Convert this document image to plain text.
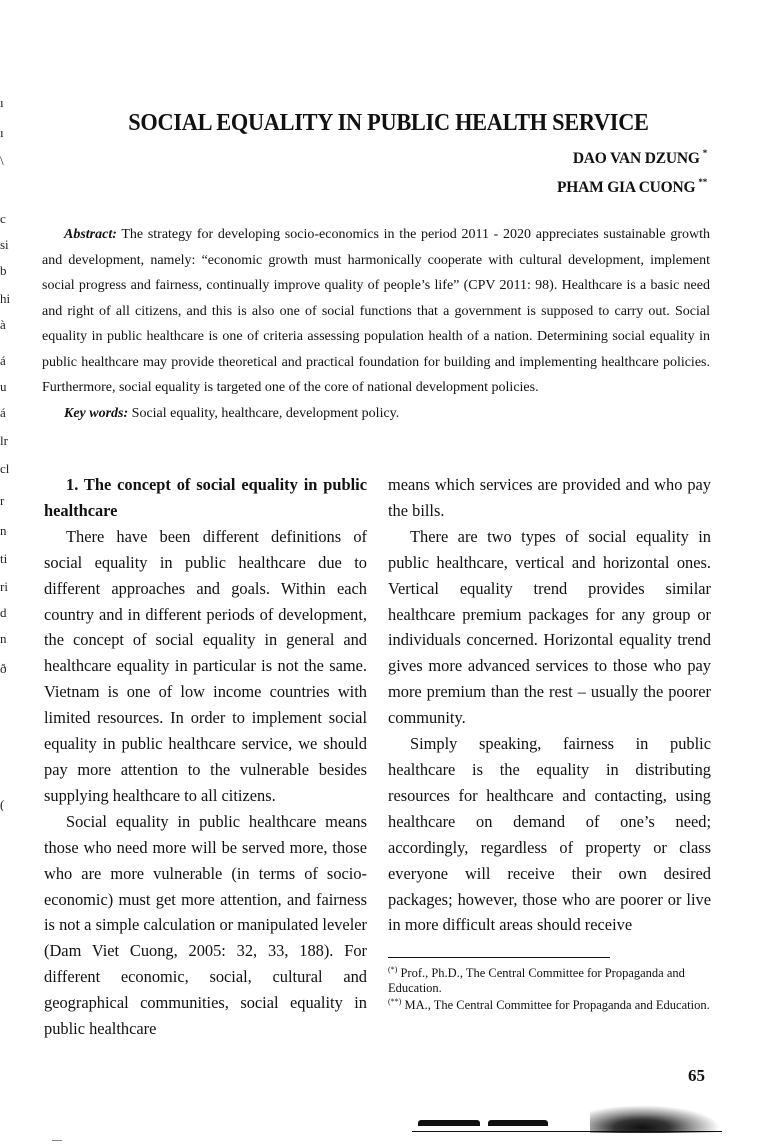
ı
ı
\
c
si
b
hi
à
á
u
á
lr
cl
r
n
ti
ri
d
n
ð
(
SOCIAL EQUALITY IN PUBLIC HEALTH SERVICE
DAO VAN DZUNG *
PHAM GIA CUONG **

Abstract: The strategy for developing socio-economics in the period 2011 - 2020 appreciates sustainable growth and development, namely: “economic growth must harmonically cooperate with cultural development, implement social progress and fairness, continually improve quality of people’s life” (CPV 2011: 98). Healthcare is a basic need and right of all citizens, and this is also one of social functions that a government is supposed to carry out. Social equality in public healthcare is one of criteria assessing population health of a nation. Determining social equality in public healthcare may provide theoretical and practical foundation for building and implementing healthcare policies. Furthermore, social equality is targeted one of the core of national development policies.

Key words: Social equality, healthcare, development policy.

1. The concept of social equality in public healthcare

There have been different definitions of social equality in public healthcare due to different approaches and goals. Within each country and in different periods of development, the concept of social equality in general and healthcare equality in particular is not the same. Vietnam is one of low income countries with limited resources. In order to implement social equality in public healthcare service, we should pay more attention to the vulnerable besides supplying healthcare to all citizens.

Social equality in public healthcare means those who need more will be served more, those who are more vulnerable (in terms of socio-economic) must get more attention, and fairness is not a simple calculation or manipulated leveler (Dam Viet Cuong, 2005: 32, 33, 188). For different economic, social, cultural and geographical communities, social equality in public healthcare

means which services are provided and who pay the bills.

There are two types of social equality in public healthcare, vertical and horizontal ones. Vertical equality trend provides similar healthcare premium packages for any group or individuals concerned. Horizontal equality trend gives more advanced services to those who pay more premium than the rest – usually the poorer community.

Simply speaking, fairness in public healthcare is the equality in distributing resources for healthcare and contacting, using healthcare on demand of one’s need; accordingly, regardless of property or class everyone will receive their own desired packages; however, those who are poorer or live in more difficult areas should receive

(*) Prof., Ph.D., The Central Committee for Propaganda and Education.

(**) MA., The Central Committee for Propaganda and Education.

65
